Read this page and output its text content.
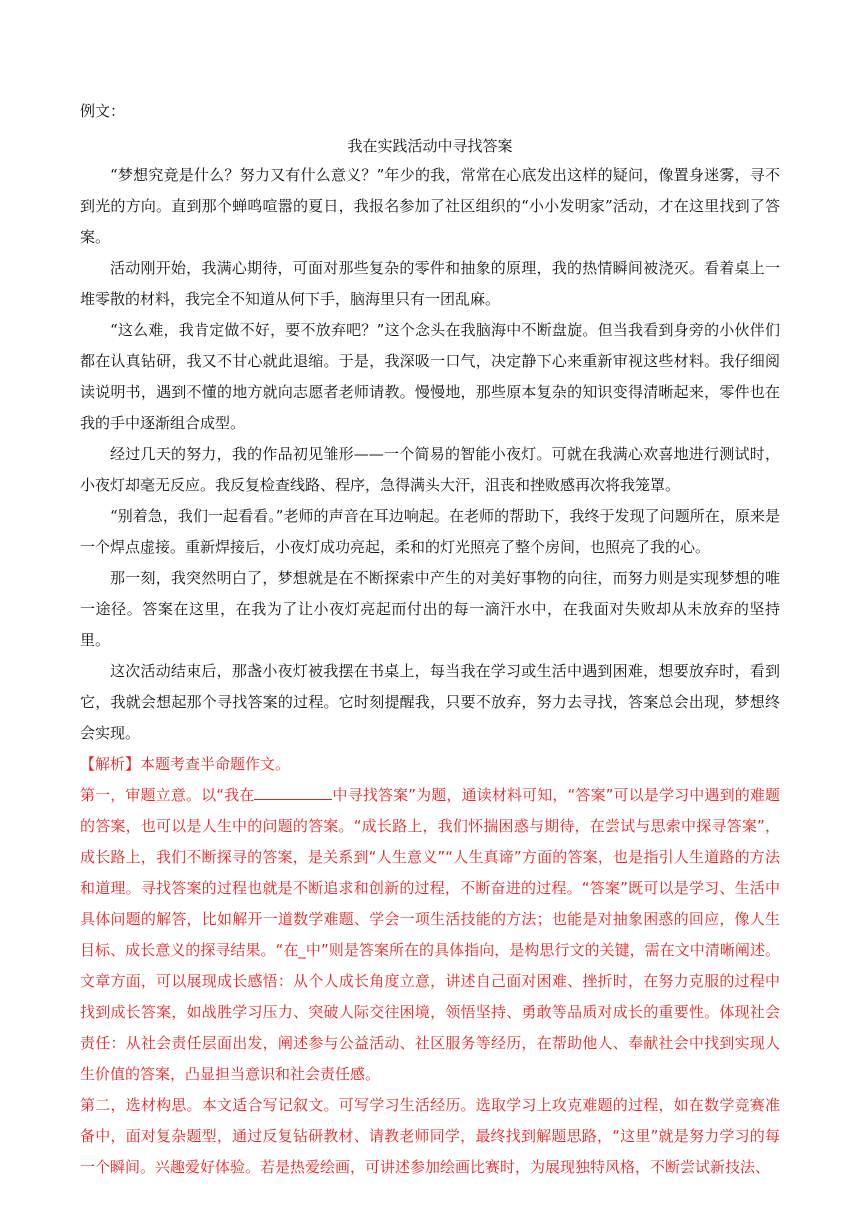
例文：

我在实践活动中寻找答案

“梦想究竟是什么？努力又有什么意义？”年少的我，常常在心底发出这样的疑问，像置身迷雾，寻不到光的方向。直到那个蝉鸣喧嚣的夏日，我报名参加了社区组织的“小小发明家”活动，才在这里找到了答案。

活动刚开始，我满心期待，可面对那些复杂的零件和抽象的原理，我的热情瞬间被浇灭。看着桌上一堆零散的材料，我完全不知道从何下手，脑海里只有一团乱麻。

“这么难，我肯定做不好，要不放弃吧？”这个念头在我脑海中不断盘旋。但当我看到身旁的小伙伴们都在认真钻研，我又不甘心就此退缩。于是，我深吸一口气，决定静下心来重新审视这些材料。我仔细阅读说明书，遇到不懂的地方就向志愿者老师请教。慢慢地，那些原本复杂的知识变得清晰起来，零件也在我的手中逐渐组合成型。

经过几天的努力，我的作品初见雏形——一个简易的智能小夜灯。可就在我满心欢喜地进行测试时，小夜灯却毫无反应。我反复检查线路、程序，急得满头大汗，沮丧和挫败感再次将我笼罩。

“别着急，我们一起看看。”老师的声音在耳边响起。在老师的帮助下，我终于发现了问题所在，原来是一个焊点虚接。重新焊接后，小夜灯成功亮起，柔和的灯光照亮了整个房间，也照亮了我的心。

那一刻，我突然明白了，梦想就是在不断探索中产生的对美好事物的向往，而努力则是实现梦想的唯一途径。答案在这里，在我为了让小夜灯亮起而付出的每一滴汗水中，在我面对失败却从未放弃的坚持里。

这次活动结束后，那盏小夜灯被我摆在书桌上，每当我在学习或生活中遇到困难，想要放弃时，看到它，我就会想起那个寻找答案的过程。它时刻提醒我，只要不放弃，努力去寻找，答案总会出现，梦想终会实现。

【解析】本题考查半命题作文。

第一，审题立意。以“我在	中寻找答案”为题，通读材料可知，“答案”可以是学习中遇到的难题的答案，也可以是人生中的问题的答案。“成长路上，我们怀揣困惑与期待，在尝试与思索中探寻答案”，成长路上，我们不断探寻的答案，是关系到“人生意义”“人生真谛”方面的答案，也是指引人生道路的方法和道理。寻找答案的过程也就是不断追求和创新的过程，不断奋进的过程。“答案”既可以是学习、生活中具体问题的解答，比如解开一道数学难题、学会一项生活技能的方法；也能是对抽象困惑的回应，像人生目标、成长意义的探寻结果。“在_中”则是答案所在的具体指向，是构思行文的关键，需在文中清晰阐述。文章方面，可以展现成长感悟：从个人成长角度立意，讲述自己面对困难、挫折时，在努力克服的过程中找到成长答案，如战胜学习压力、突破人际交往困境，领悟坚持、勇敢等品质对成长的重要性。体现社会责任：从社会责任层面出发，阐述参与公益活动、社区服务等经历，在帮助他人、奉献社会中找到实现人生价值的答案，凸显担当意识和社会责任感。

第二，选材构思。本文适合写记叙文。可写学习生活经历。选取学习上攻克难题的过程，如在数学竞赛准备中，面对复杂题型，通过反复钻研教材、请教老师同学，最终找到解题思路，“这里”就是努力学习的每一个瞬间。兴趣爱好体验。若是热爱绘画，可讲述参加绘画比赛时，为展现独特风格，不断尝试新技法、
